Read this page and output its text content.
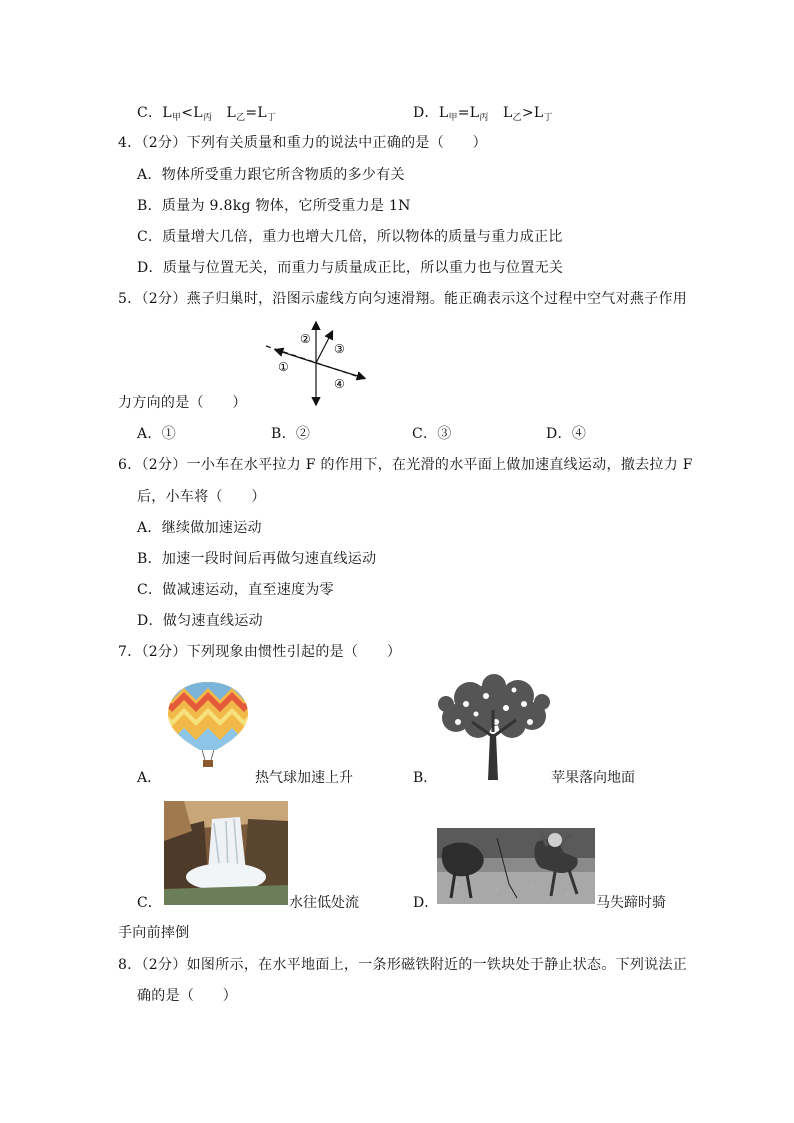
C．$L_甲<L_丙$ $L_乙=L_丁$	D．$L_甲=L_丙$ $L_乙>L_丁$
4．（2分）下列有关质量和重力的说法中正确的是（　　）
A．物体所受重力跟它所含物质的多少有关
B．质量为 9.8kg 物体，它所受重力是 1N
C．质量增大几倍，重力也增大几倍，所以物体的质量与重力成正比
D．质量与位置无关，而重力与质量成正比，所以重力也与位置无关
5．（2分）燕子归巢时，沿图示虚线方向匀速滑翔。能正确表示这个过程中空气对燕子作用
①
②
③
④
力方向的是（　　）
A．①	B．②	C．③	D．④
6．（2分）一小车在水平拉力 F 的作用下，在光滑的水平面上做加速直线运动，撤去拉力 F
后，小车将（　　）
A．继续做加速运动
B．加速一段时间后再做匀速直线运动
C．做减速运动，直至速度为零
D．做匀速直线运动
7．（2分）下列现象由惯性引起的是（　　）
A．	热气球加速上升	B．	苹果落向地面
C．	水往低处流	D．	马失蹄时骑
手向前摔倒
8．（2分）如图所示，在水平地面上，一条形磁铁附近的一铁块处于静止状态。下列说法正
确的是（　　）
